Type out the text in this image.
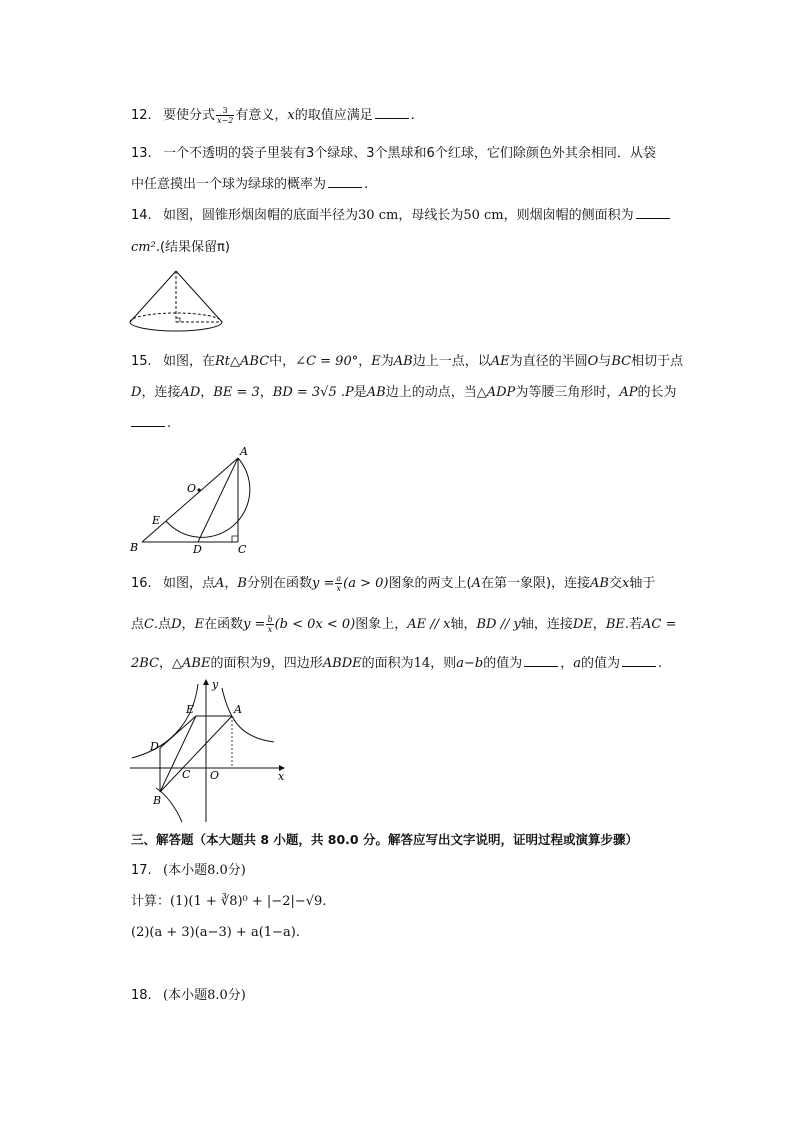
12. 要使分式 $\frac{3}{x-2}$ 有意义，x的取值应满足	.
13. 一个不透明的袋子里装有3个绿球、3个黑球和6个红球，它们除颜色外其余相同．从袋
中任意摸出一个球为绿球的概率为	.
14. 如图，圆锥形烟囱帽的底面半径为30 cm，母线长为50 cm，则烟囱帽的侧面积为
cm².(结果保留π)
15. 如图，在Rt△ABC中，∠C = 90°，E为AB边上一点，以AE为直径的半圆O与BC相切于点
D，连接AD，BE = 3，BD = 3√5 .P是AB边上的动点，当△ADP为等腰三角形时，AP的长为
.
A
O
E
B	D	C
16. 如图，点A，B分别在函数$y = \frac{a}{x} (a > 0)$图象的两支上(A在第一象限)，连接AB交x轴于
点C.点D，E在函数$y = \frac{b}{x} (b < 0x < 0)$图象上，AE // x轴，BD // y轴，连接DE，BE.若AC =
2BC，△ABE的面积为9，四边形ABDE的面积为14，则a−b的值为	，a的值为	.
y
x
E	A
D
C O
B
三、解答题（本大题共 8 小题，共 80.0 分。解答应写出文字说明，证明过程或演算步骤）
17. (本小题8.0分)
计算：(1)(1 + ∛8)⁰ + |−2|−√9.
(2)(a + 3)(a−3) + a(1−a).
18. (本小题8.0分)
